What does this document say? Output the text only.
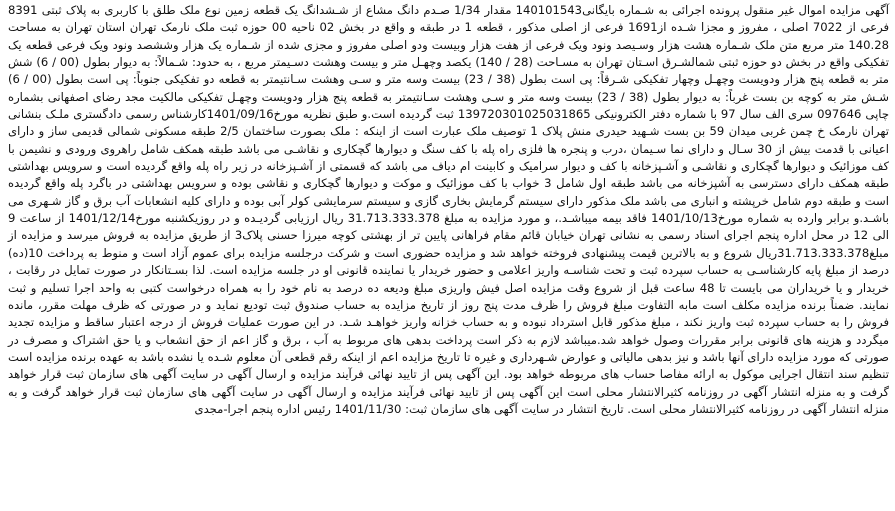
آگهی مزایده اموال غیر منقول پرونده اجرائی به شـماره بایگانی140101543 مقدار 1/34 صـدم دانگ مشاع از شـشدانگ یک قطعه زمین نوع ملک طلق با کاربری به پلاک ثبتی 8391 فرعی از 7022 اصلی ، مفروز و مجزا شـده از1691 فرعی از اصلی مذکور ، قطعه 1 در طبقه و واقع در بخش 02 ناحیه 00 حوزه ثبت ملک نارمک تهران استان تهران به مساحت 140.28 متر مربع متن ملک شـماره هشت هزار وسـیصد ونود ویک فرعی از هفت هزار وبیست ودو اصلی مفروز و مجزی شده از شـماره یک هزار وششصد ونود ویک فرعی قطعه یک تفکیکی واقع در بخش دو حوزه ثبتی شمالشـرق اسـتان تهران به مسـاحت (28 / 140) یکصد وچهـل متر و بیست وهشت دسـیمتر مربع ، به حدود: شـمالاً: به دیوار بطول (00 / 6) شش متر به قطعه پنج هزار ودویست وچهـل وچهار تفکیکی شـرقاً: پی است بطول (38 / 23) بیست وسه متر و سـی وهشت سـانتیمتر به قطعه دو تفکیکی جنوباً: پی است بطول (00 / 6) شـش متر به کوچه بن بست غرباً: به دیوار بطول (38 / 23) بیست وسه متر و سـی وهشت سـانتیمتر به قطعه پنج هزار ودویست وچهـل تفکیکی مالکیت مجد رضای اصفهانی بشماره چاپی 097646 سری الف سال 97 با شماره دفتر الکترونیکی 139720301025031865 ثبت گردیده است.و طبق نظریه مورخ1401/09/16کارشناس رسمی دادگستری ملـک بنشانی تهران نارمک خ چمن غربی میدان 59 بن بست شـهید حیدری منش پلاک 1 توصیف ملک عبارت است از اینکه : ملک بصورت ساختمان 2/5 طبقه مسکونی شمالی قدیمی ساز و دارای اعیانی با قدمت بیش از 30 سـال و دارای نما سـیمان ،درب و پنجره ها فلزی راه پله با کف سنگ و دیوارها گچکاری و نقاشـی می باشد طبقه همکف شامل راهروی ورودی و نشیمن با کف موزائیک و دیوارها گچکاری و نقاشـی و آشـپزخانه با کف و دیوار سرامیک و کابینت ام دیاف می باشد که قسمتی از آشـپزخانه در زیر راه پله واقع گردیده است و سرویس بهداشتی طبقه همکف دارای دسترسی به آشپزخانه می باشد طبقه اول شامل 3 خواب با کف موزائیک و موکت و دیوارها گچکاری و نقاشی بوده و سرویس بهداشتی در باگرد پله واقع گردیده است و طبقه دوم شامل خرپشته و انباری می باشد ملک مذکور دارای سیستم گرمایش بخاری گازی و سیستم سرمایشی کولر آبی بوده و دارای کلیه انشعابات آب برق و گاز شـهری می باشـد.و برابر وارده به شماره مورخ1401/10/13 فاقد بیمه میباشـد.، و مورد مزایده به مبلغ 31.713.333.378 ریال ارزیابی گردیـده و در روزیکشنبه مورخ1401/12/14 از ساعت 9 الی 12 در محل اداره پنجم اجرای اسناد رسمی به نشانی تهران خیابان قائم مقام فراهانی پایین تر از بهشتی کوچه میرزا حسنی پلاک3 از طریق مزایده به فروش میرسد و مزایده از مبلغ31.713.333.378ریال شروع و به بالاترین قیمت پیشنهادی فروخته خواهد شد و مزایده حضوری است و شرکت درجلسه مزایده برای عموم آزاد است و منوط به پرداخت 10(ده) درصد از مبلغ پایه کارشناسـی به حساب سپرده ثبت و تحت شناسـه واریز اعلامی و حضور خریدار یا نماینده قانونی او در جلسه مزایده است. لذا بسـتانکار در صورت تمایل در رقابت ، خریدار و یا خریداران می بایست تا 48 ساعت قبل از شروع وقت مزایده اصل فیش واریزی مبلغ ودیعه ده درصد به نام خود را به همراه درخواست کتبی به واحد اجرا تسلیم و ثبت نمایند. ضمناً برنده مزایده مکلف است مابه التفاوت مبلغ فروش را ظرف مدت پنج روز از تاریخ مزایده به حساب صندوق ثبت تودیع نماید و در صورتی که ظرف مهلت مقرر، مانده فروش را به حساب سپرده ثبت واریز نکند ، مبلغ مذکور قابل استرداد نبوده و به حساب خزانه واریز خواهـد شـد. در این صورت عملیات فروش از درجه اعتبار ساقط و مزایده تجدید میگردد و هزینه های قانونی برابر مقررات وصول خواهد شد.میباشد لازم به ذکر است پرداخت بدهی های مربوط به آب ، برق و گاز اعم از حق انشعاب و یا حق اشتراک و مصرف در صورتی که مورد مزایده دارای آنها باشد و نیز بدهی مالیاتی و عوارض شـهرداری و غیره تا تاریخ مزایده اعم از اینکه رقم قطعی آن معلوم شـده یا نشده باشد به عهده برنده مزایده است تنظیم سند انتقال اجرایی موکول به ارائه مفاصا حساب های مربوطه خواهد بود. این آگهی پس از تایید نهائی فرآیند مزایده و ارسال آگهی در سایت آگهی های سازمان ثبت قرار خواهد گرفت و به منزله انتشار آگهی در روزنامه کثیرالانتشار محلی است این آگهی پس از تایید نهائی فرآیند مزایده و ارسال آگهی در سایت آگهی های سازمان ثبت قرار خواهد گرفت و به منزله انتشار آگهی در روزنامه کثیرالانتشار محلی است. تاریخ انتشار در سایت آگهی های سازمان ثبت: 1401/11/30 رئیس اداره پنجم اجرا-مجدی
